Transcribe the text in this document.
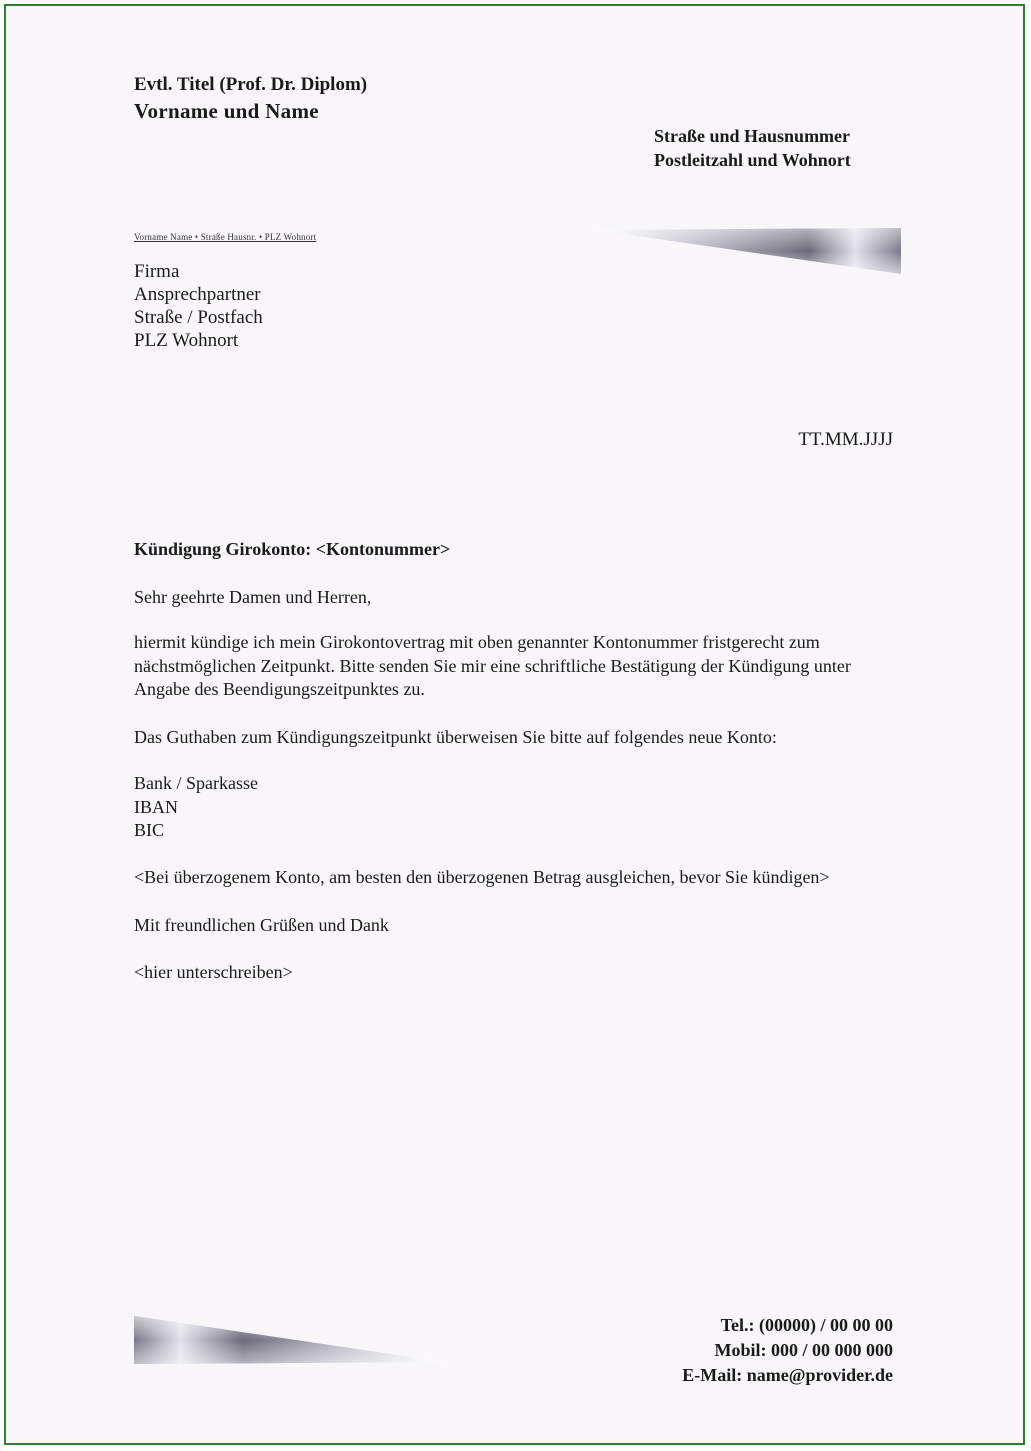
Evtl. Titel (Prof. Dr. Diplom)
Vorname und Name
Straße und Hausnummer
Postleitzahl und Wohnort
Vorname Name • Straße Hausnr. • PLZ Wohnort
Firma
Ansprechpartner
Straße / Postfach
PLZ Wohnort
TT.MM.JJJJ
Kündigung Girokonto: <Kontonummer>
Sehr geehrte Damen und Herren,
hiermit kündige ich mein Girokontovertrag mit oben genannter Kontonummer fristgerecht zum nächstmöglichen Zeitpunkt. Bitte senden Sie mir eine schriftliche Bestätigung der Kündigung unter Angabe des Beendigungszeitpunktes zu.
Das Guthaben zum Kündigungszeitpunkt überweisen Sie bitte auf folgendes neue Konto:
Bank / Sparkasse
IBAN
BIC
<Bei überzogenem Konto, am besten den überzogenen Betrag ausgleichen, bevor Sie kündigen>
Mit freundlichen Grüßen und Dank
<hier unterschreiben>
Tel.: (00000) / 00 00 00
Mobil: 000 / 00 000 000
E-Mail: name@provider.de
